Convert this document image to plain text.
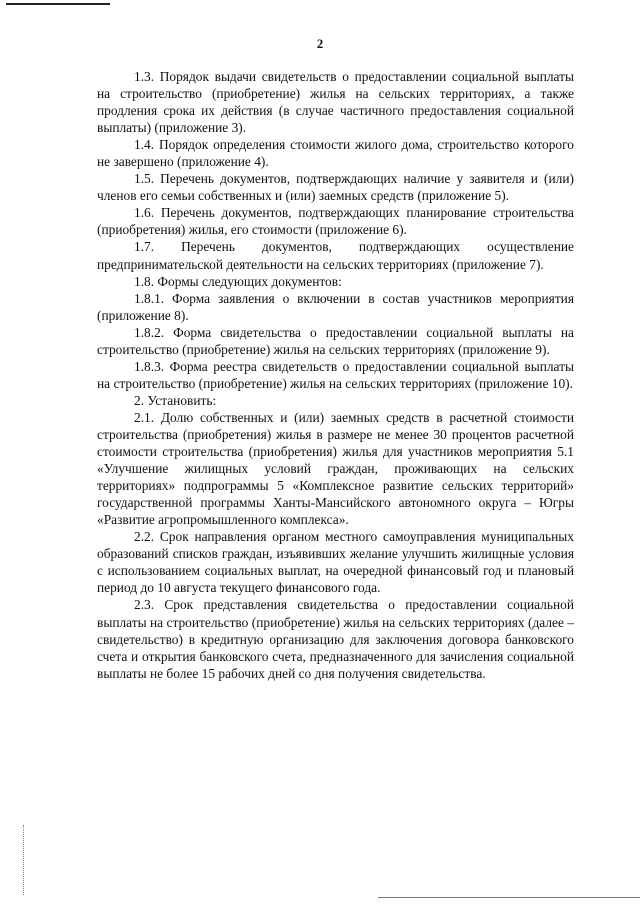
2

1.3. Порядок выдачи свидетельств о предоставлении социальной выплаты на строительство (приобретение) жилья на сельских территориях, а также продления срока их действия (в случае частичного предоставления социальной выплаты) (приложение 3).

1.4. Порядок определения стоимости жилого дома, строительство которого не завершено (приложение 4).

1.5. Перечень документов, подтверждающих наличие у заявителя и (или) членов его семьи собственных и (или) заемных средств (приложение 5).

1.6. Перечень документов, подтверждающих планирование строительства (приобретения) жилья, его стоимости (приложение 6).

1.7. Перечень документов, подтверждающих осуществление предпринимательской деятельности на сельских территориях (приложение 7).

1.8. Формы следующих документов:

1.8.1. Форма заявления о включении в состав участников мероприятия (приложение 8).

1.8.2. Форма свидетельства о предоставлении социальной выплаты на строительство (приобретение) жилья на сельских территориях (приложение 9).

1.8.3. Форма реестра свидетельств о предоставлении социальной выплаты на строительство (приобретение) жилья на сельских территориях (приложение 10).

2. Установить:

2.1. Долю собственных и (или) заемных средств в расчетной стоимости строительства (приобретения) жилья в размере не менее 30 процентов расчетной стоимости строительства (приобретения) жилья для участников мероприятия 5.1 «Улучшение жилищных условий граждан, проживающих на сельских территориях» подпрограммы 5 «Комплексное развитие сельских территорий» государственной программы Ханты-Мансийского автономного округа – Югры «Развитие агропромышленного комплекса».

2.2. Срок направления органом местного самоуправления муниципальных образований списков граждан, изъявивших желание улучшить жилищные условия с использованием социальных выплат, на очередной финансовый год и плановый период до 10 августа текущего финансового года.

2.3. Срок представления свидетельства о предоставлении социальной выплаты на строительство (приобретение) жилья на сельских территориях (далее – свидетельство) в кредитную организацию для заключения договора банковского счета и открытия банковского счета, предназначенного для зачисления социальной выплаты не более 15 рабочих дней со дня получения свидетельства.
